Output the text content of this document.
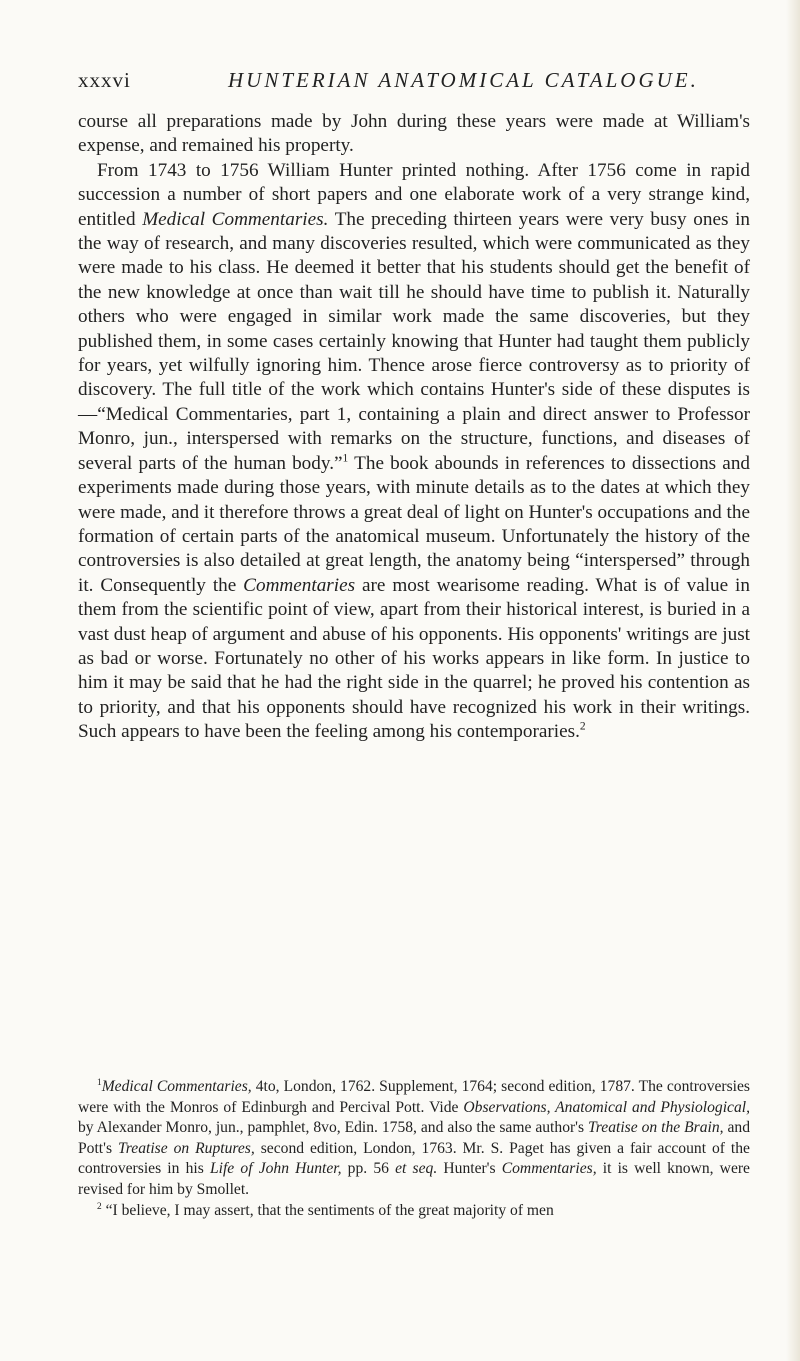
xxxvi	HUNTERIAN ANATOMICAL CATALOGUE.

course all preparations made by John during these years were made at William's expense, and remained his property.

From 1743 to 1756 William Hunter printed nothing. After 1756 come in rapid succession a number of short papers and one elaborate work of a very strange kind, entitled Medical Commentaries. The preceding thirteen years were very busy ones in the way of research, and many discoveries resulted, which were communicated as they were made to his class. He deemed it better that his students should get the benefit of the new knowledge at once than wait till he should have time to publish it. Naturally others who were engaged in similar work made the same discoveries, but they published them, in some cases certainly knowing that Hunter had taught them publicly for years, yet wilfully ignoring him. Thence arose fierce controversy as to priority of discovery. The full title of the work which contains Hunter's side of these disputes is—“Medical Commentaries, part 1, containing a plain and direct answer to Professor Monro, jun., interspersed with remarks on the structure, functions, and diseases of several parts of the human body.”$^1$ The book abounds in references to dissections and experiments made during those years, with minute details as to the dates at which they were made, and it therefore throws a great deal of light on Hunter's occupations and the formation of certain parts of the anatomical museum. Unfortunately the history of the controversies is also detailed at great length, the anatomy being “interspersed” through it. Consequently the Commentaries are most wearisome reading. What is of value in them from the scientific point of view, apart from their historical interest, is buried in a vast dust heap of argument and abuse of his opponents. His opponents' writings are just as bad or worse. Fortunately no other of his works appears in like form. In justice to him it may be said that he had the right side in the quarrel; he proved his contention as to priority, and that his opponents should have recognized his work in their writings. Such appears to have been the feeling among his contemporaries.$^2$

$^1$Medical Commentaries, 4to, London, 1762. Supplement, 1764; second edition, 1787. The controversies were with the Monros of Edinburgh and Percival Pott. Vide Observations, Anatomical and Physiological, by Alexander Monro, jun., pamphlet, 8vo, Edin. 1758, and also the same author's Treatise on the Brain, and Pott's Treatise on Ruptures, second edition, London, 1763. Mr. S. Paget has given a fair account of the controversies in his Life of John Hunter, pp. 56 et seq. Hunter's Commentaries, it is well known, were revised for him by Smollet.

$^2$ “I believe, I may assert, that the sentiments of the great majority of men
